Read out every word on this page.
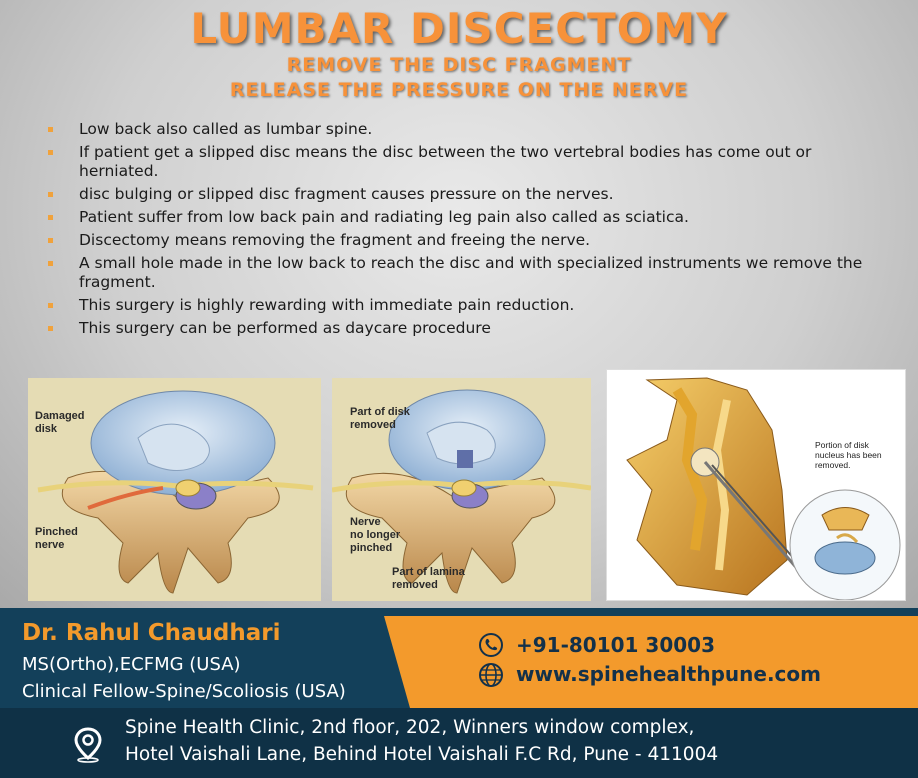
LUMBAR DISCECTOMY
REMOVE THE DISC FRAGMENT
RELEASE THE PRESSURE ON THE NERVE
Low back also called as lumbar spine.
If patient get a slipped disc means the disc between the two vertebral bodies has come out or herniated.
disc bulging or slipped disc fragment causes pressure on the nerves.
Patient suffer from low back pain and radiating leg pain also called as sciatica.
Discectomy means removing the fragment and freeing the nerve.
A small hole made in the low back to reach the disc and with specialized instruments we remove the fragment.
This surgery is highly rewarding with immediate pain reduction.
This surgery can be performed as daycare procedure
Damaged
disk
Pinched
nerve
Part of disk
removed
Nerve
no longer
pinched
Part of lamina
removed
Portion of disk
nucleus has been
removed.
Dr. Rahul Chaudhari
MS(Ortho),ECFMG (USA)
Clinical Fellow-Spine/Scoliosis (USA)
+91-80101 30003
www.spinehealthpune.com
Spine Health Clinic, 2nd floor, 202, Winners window complex,
Hotel Vaishali Lane, Behind Hotel Vaishali F.C Rd, Pune - 411004
